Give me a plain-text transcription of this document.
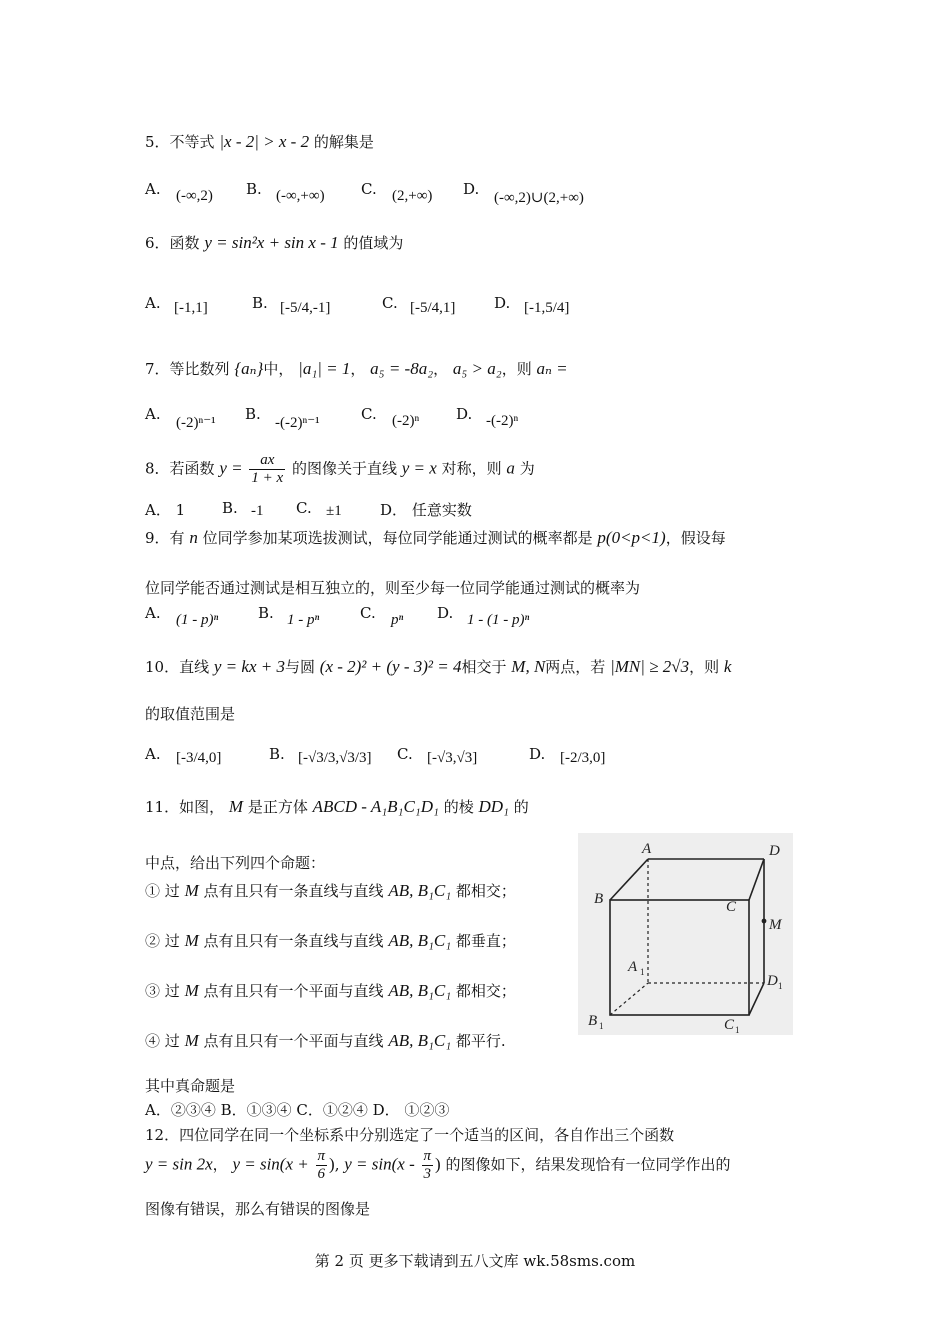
5．不等式 |x - 2| > x - 2 的解集是
A. (-∞,2) B. (-∞,+∞) C. (2,+∞) D. (-∞,2)∪(2,+∞)
6．函数 y = sin²x + sin x - 1 的值域为
A. [-1,1]	B. [-5/4,-1]	C. [-5/4,1]	D. [-1,5/4]
7．等比数列 {aₙ}中， |a₁| = 1， a₅ = -8a₂， a₅ > a₂，则 aₙ =
A. (-2)ⁿ⁻¹ B. -(-2)ⁿ⁻¹	C. (-2)ⁿ D. -(-2)ⁿ
8．若函数 $y = \frac{ax}{1 + x}$ 的图像关于直线 y = x 对称，则 a 为
A． 1 B. -1 C. ±1	D． 任意实数
9．有 n 位同学参加某项选拔测试，每位同学能通过测试的概率都是 p(0<p<1)，假设每
位同学能否通过测试是相互独立的，则至少每一位同学能通过测试的概率为
A. (1 - p)ⁿ	B. 1 - pⁿ	C. pⁿ D. 1 - (1 - p)ⁿ
10．直线 y = kx + 3与圆 (x - 2)² + (y - 3)² = 4相交于 M, N两点，若 |MN| ≥ 2√3，则 k
的取值范围是
A. [-3/4,0]	B. [-√3/3,√3/3] C. [-√3,√3]	D. [-2/3,0]
11．如图， M 是正方体 ABCD - A₁B₁C₁D₁ 的棱 DD₁ 的
中点，给出下列四个命题：
① 过 M 点有且只有一条直线与直线 AB, B₁C₁ 都相交；
② 过 M 点有且只有一条直线与直线 AB, B₁C₁ 都垂直；
③ 过 M 点有且只有一个平面与直线 AB, B₁C₁ 都相交；
④ 过 M 点有且只有一个平面与直线 AB, B₁C₁ 都平行.
其中真命题是
A．②③④ B．①③④ C．①②④ D． ①②③
A	D
B	C
M
A 1
D 1
B 1	C 1
12．四位同学在同一个坐标系中分别选定了一个适当的区间，各自作出三个函数
y = sin 2x， $y = \sin(x + \frac{\pi}{6}$ ), $y = \sin(x - \frac{\pi}{3}$ ) 的图像如下，结果发现恰有一位同学作出的
图像有错误，那么有错误的图像是
第 2 页 更多下载请到五八文库 wk.58sms.com
